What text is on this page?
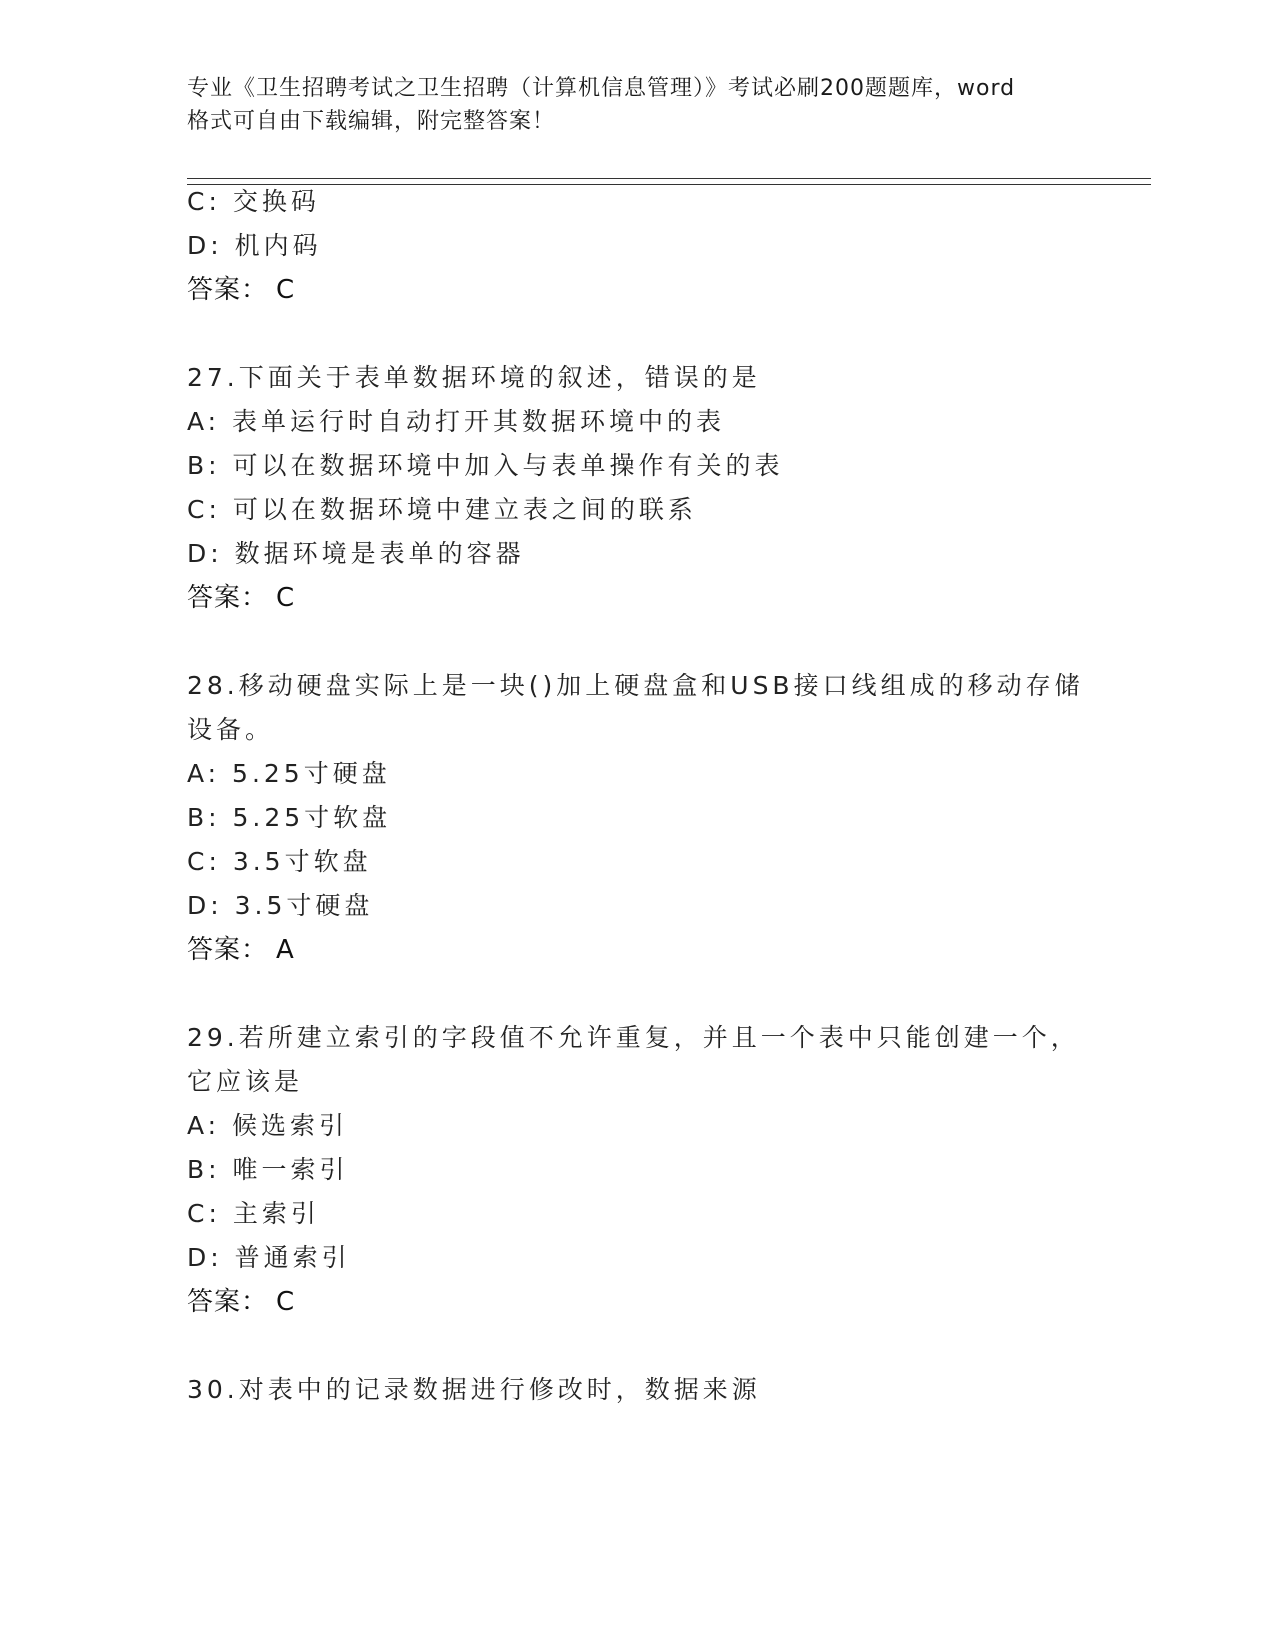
专业《卫生招聘考试之卫生招聘（计算机信息管理）》考试必刷200题题库，word
格式可自由下载编辑，附完整答案！
C: 交换码
D: 机内码
答案： C
27.下面关于表单数据环境的叙述，错误的是
A: 表单运行时自动打开其数据环境中的表
B: 可以在数据环境中加入与表单操作有关的表
C: 可以在数据环境中建立表之间的联系
D: 数据环境是表单的容器
答案： C
28.移动硬盘实际上是一块()加上硬盘盒和USB接口线组成的移动存储
设备。
A: 5.25寸硬盘
B: 5.25寸软盘
C: 3.5寸软盘
D: 3.5寸硬盘
答案： A
29.若所建立索引的字段值不允许重复，并且一个表中只能创建一个，
它应该是
A: 候选索引
B: 唯一索引
C: 主索引
D: 普通索引
答案： C
30.对表中的记录数据进行修改时，数据来源
